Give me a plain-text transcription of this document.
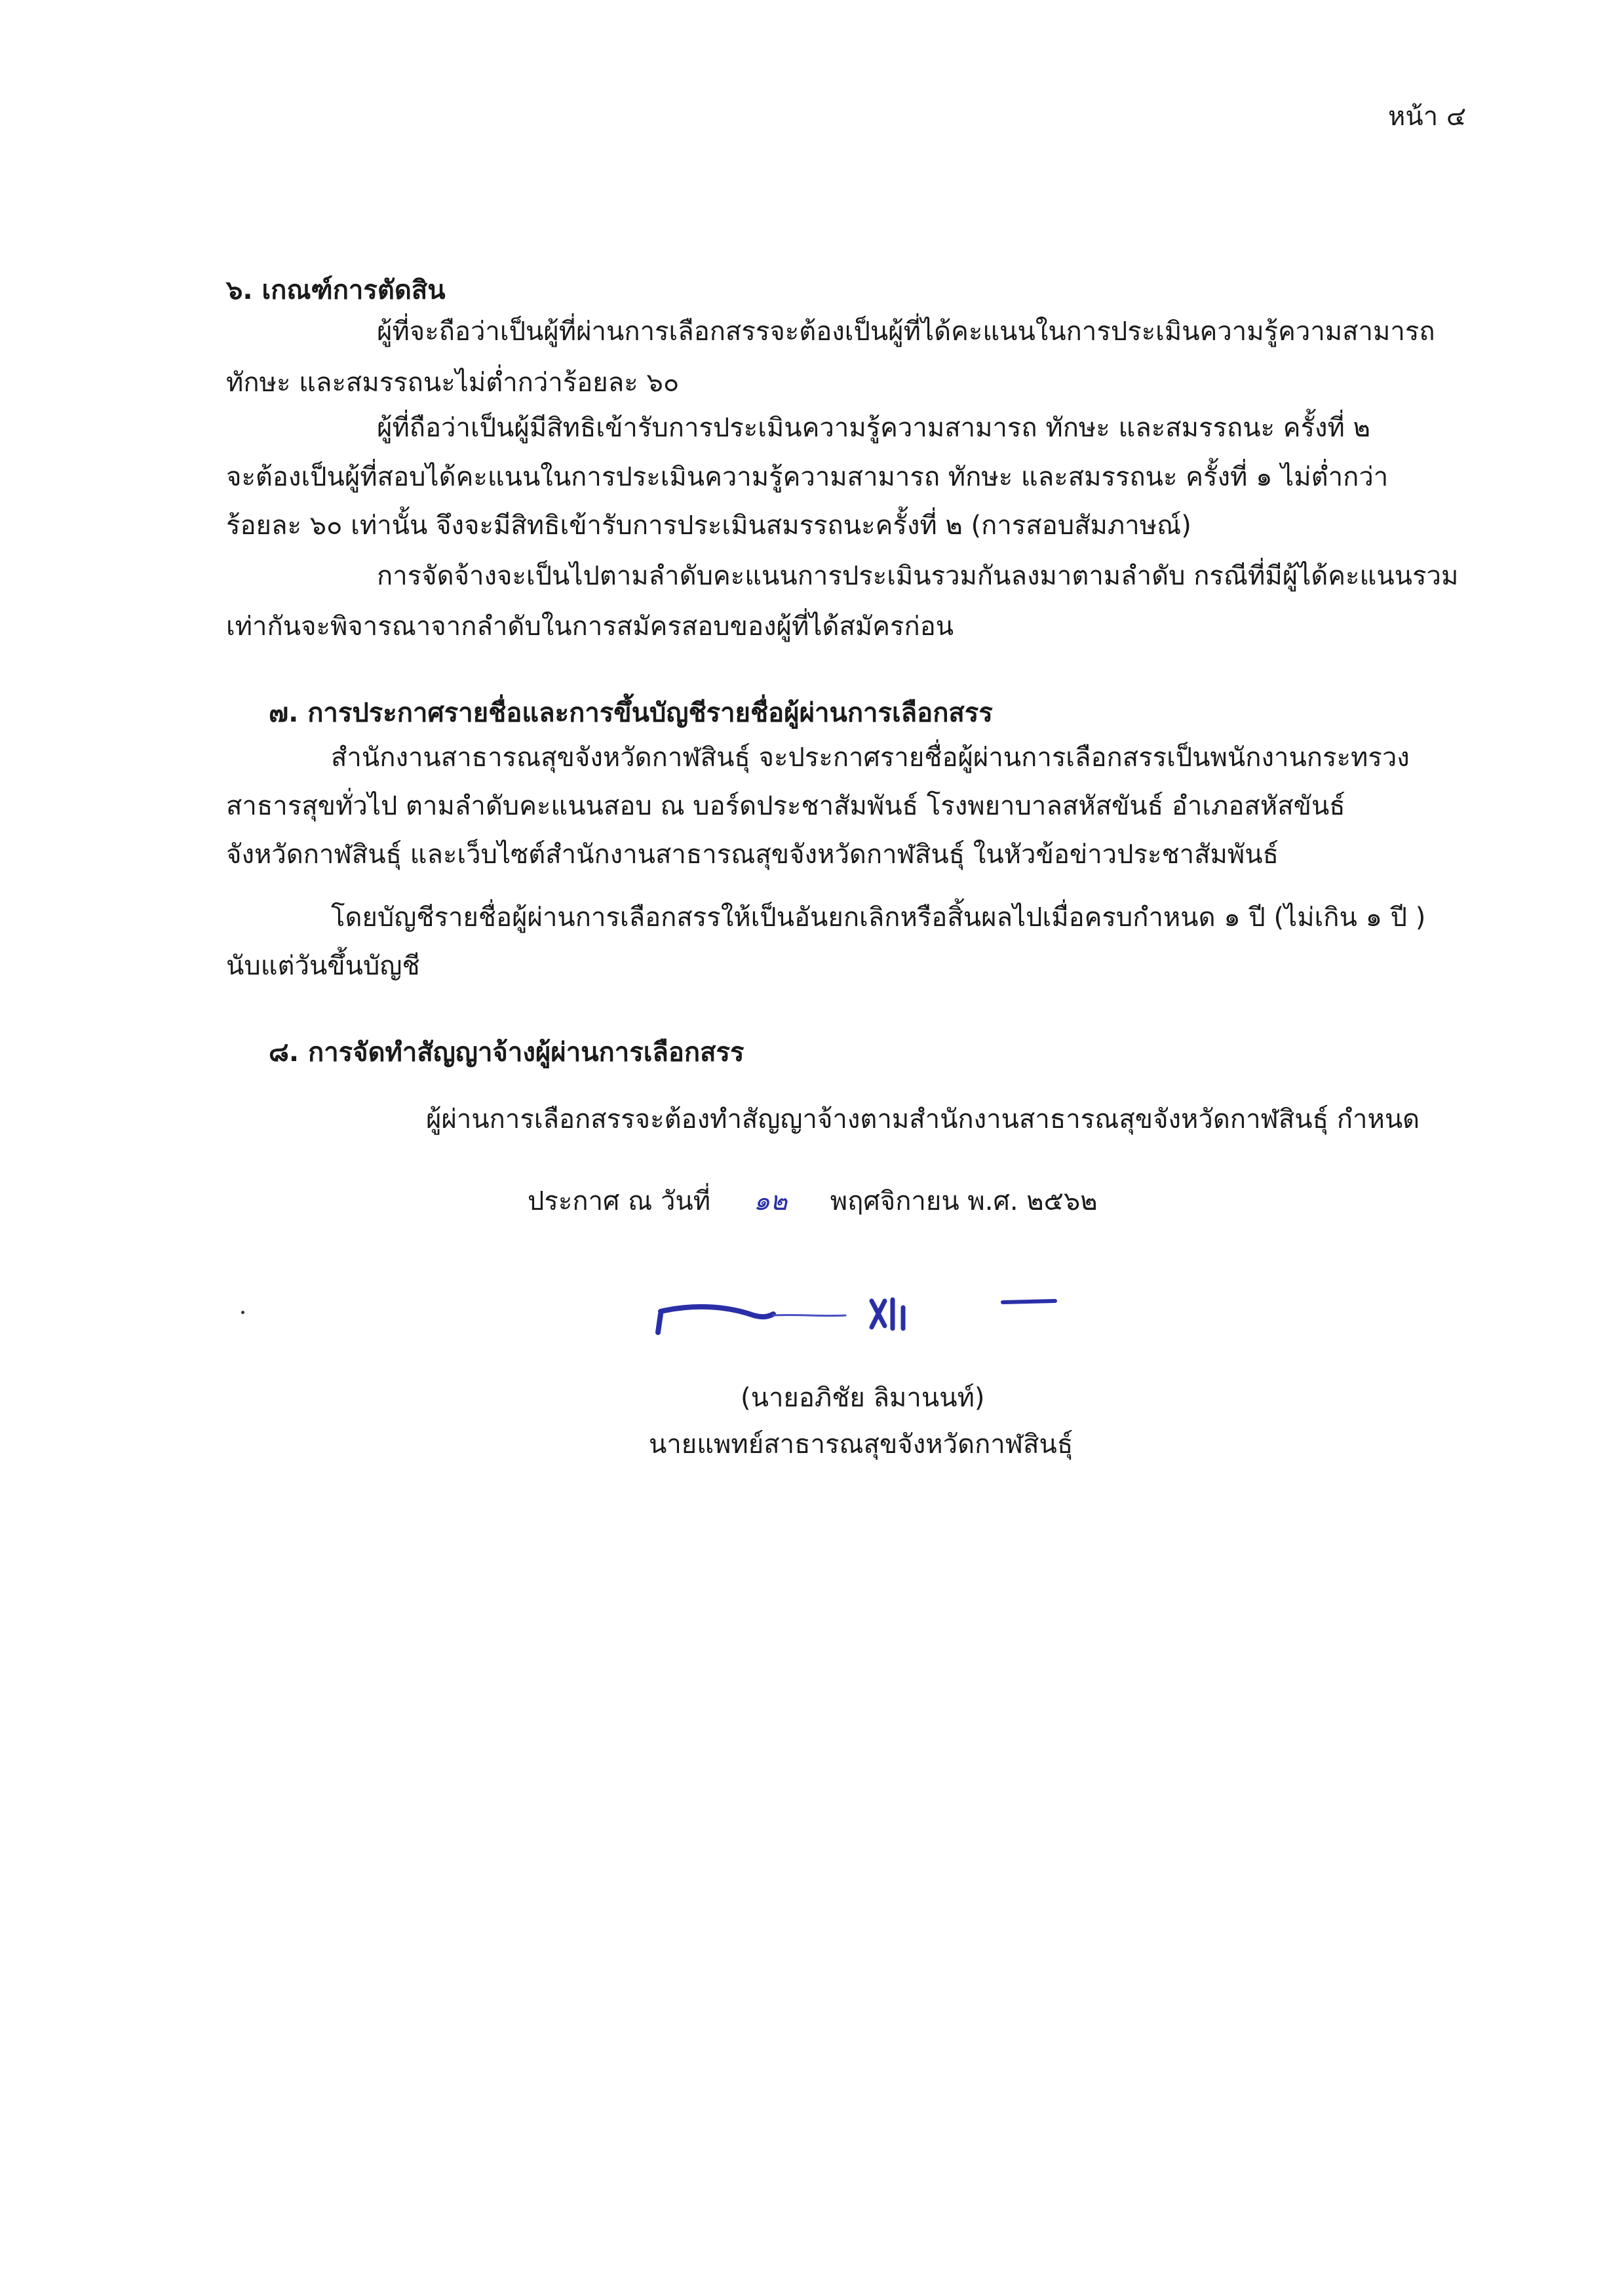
หน้า ๔
๖. เกณฑ์การตัดสิน
ผู้ที่จะถือว่าเป็นผู้ที่ผ่านการเลือกสรรจะต้องเป็นผู้ที่ได้คะแนนในการประเมินความรู้ความสามารถ
ทักษะ และสมรรถนะไม่ต่ำกว่าร้อยละ ๖๐
ผู้ที่ถือว่าเป็นผู้มีสิทธิเข้ารับการประเมินความรู้ความสามารถ ทักษะ และสมรรถนะ ครั้งที่ ๒
จะต้องเป็นผู้ที่สอบได้คะแนนในการประเมินความรู้ความสามารถ ทักษะ และสมรรถนะ ครั้งที่ ๑ ไม่ต่ำกว่า
ร้อยละ ๖๐ เท่านั้น จึงจะมีสิทธิเข้ารับการประเมินสมรรถนะครั้งที่ ๒ (การสอบสัมภาษณ์)
การจัดจ้างจะเป็นไปตามลำดับคะแนนการประเมินรวมกันลงมาตามลำดับ กรณีที่มีผู้ได้คะแนนรวม
เท่ากันจะพิจารณาจากลำดับในการสมัครสอบของผู้ที่ได้สมัครก่อน
๗. การประกาศรายชื่อและการขึ้นบัญชีรายชื่อผู้ผ่านการเลือกสรร
สำนักงานสาธารณสุขจังหวัดกาฬสินธุ์ จะประกาศรายชื่อผู้ผ่านการเลือกสรรเป็นพนักงานกระทรวง
สาธารสุขทั่วไป ตามลำดับคะแนนสอบ ณ บอร์ดประชาสัมพันธ์ โรงพยาบาลสหัสขันธ์ อำเภอสหัสขันธ์
จังหวัดกาฬสินธุ์ และเว็บไซต์สำนักงานสาธารณสุขจังหวัดกาฬสินธุ์ ในหัวข้อข่าวประชาสัมพันธ์
โดยบัญชีรายชื่อผู้ผ่านการเลือกสรรให้เป็นอันยกเลิกหรือสิ้นผลไปเมื่อครบกำหนด ๑ ปี (ไม่เกิน ๑ ปี )
นับแต่วันขึ้นบัญชี
๘. การจัดทำสัญญาจ้างผู้ผ่านการเลือกสรร
ผู้ผ่านการเลือกสรรจะต้องทำสัญญาจ้างตามสำนักงานสาธารณสุขจังหวัดกาฬสินธุ์ กำหนด
ประกาศ ณ วันที่ ๑๒ พฤศจิกายน พ.ศ. ๒๕๖๒
(นายอภิชัย ลิมานนท์)
นายแพทย์สาธารณสุขจังหวัดกาฬสินธุ์
